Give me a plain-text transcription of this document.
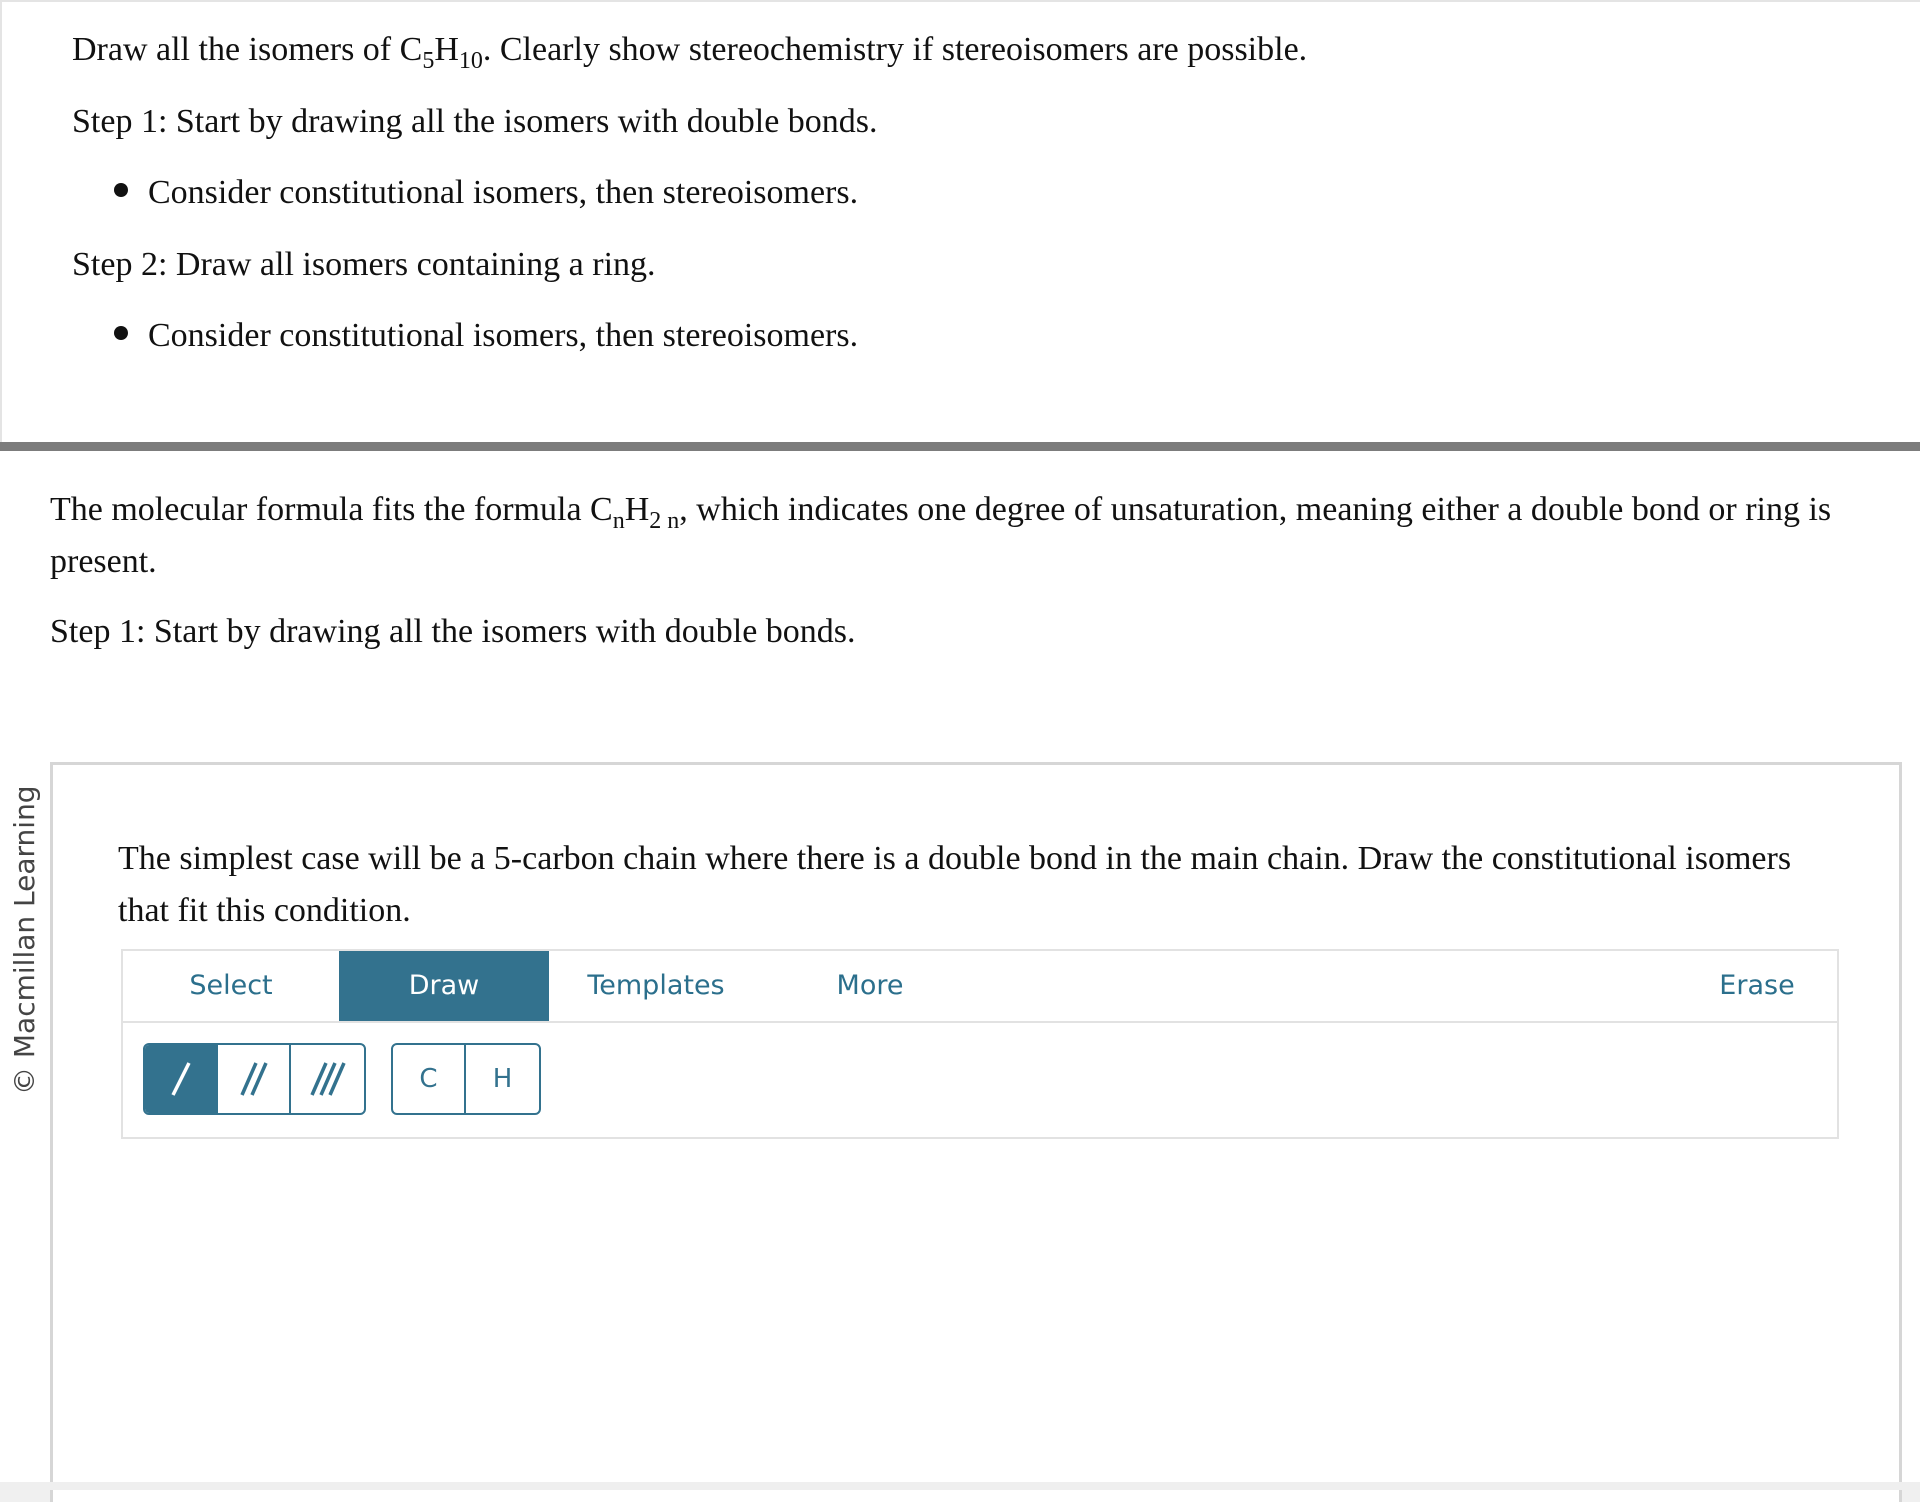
Draw all the isomers of $C_5H_{10}$. Clearly show stereochemistry if stereoisomers are possible.
Step 1: Start by drawing all the isomers with double bonds.
Consider constitutional isomers, then stereoisomers.
Step 2: Draw all isomers containing a ring.
Consider constitutional isomers, then stereoisomers.
© Macmillan Learning
The molecular formula fits the formula $C_nH_{2 n}$, which indicates one degree of unsaturation, meaning either a double bond or ring is present.
Step 1: Start by drawing all the isomers with double bonds.
The simplest case will be a 5-carbon chain where there is a double bond in the main chain. Draw the constitutional isomers that fit this condition.
Select	Draw	Templates	More	Erase
C	H
